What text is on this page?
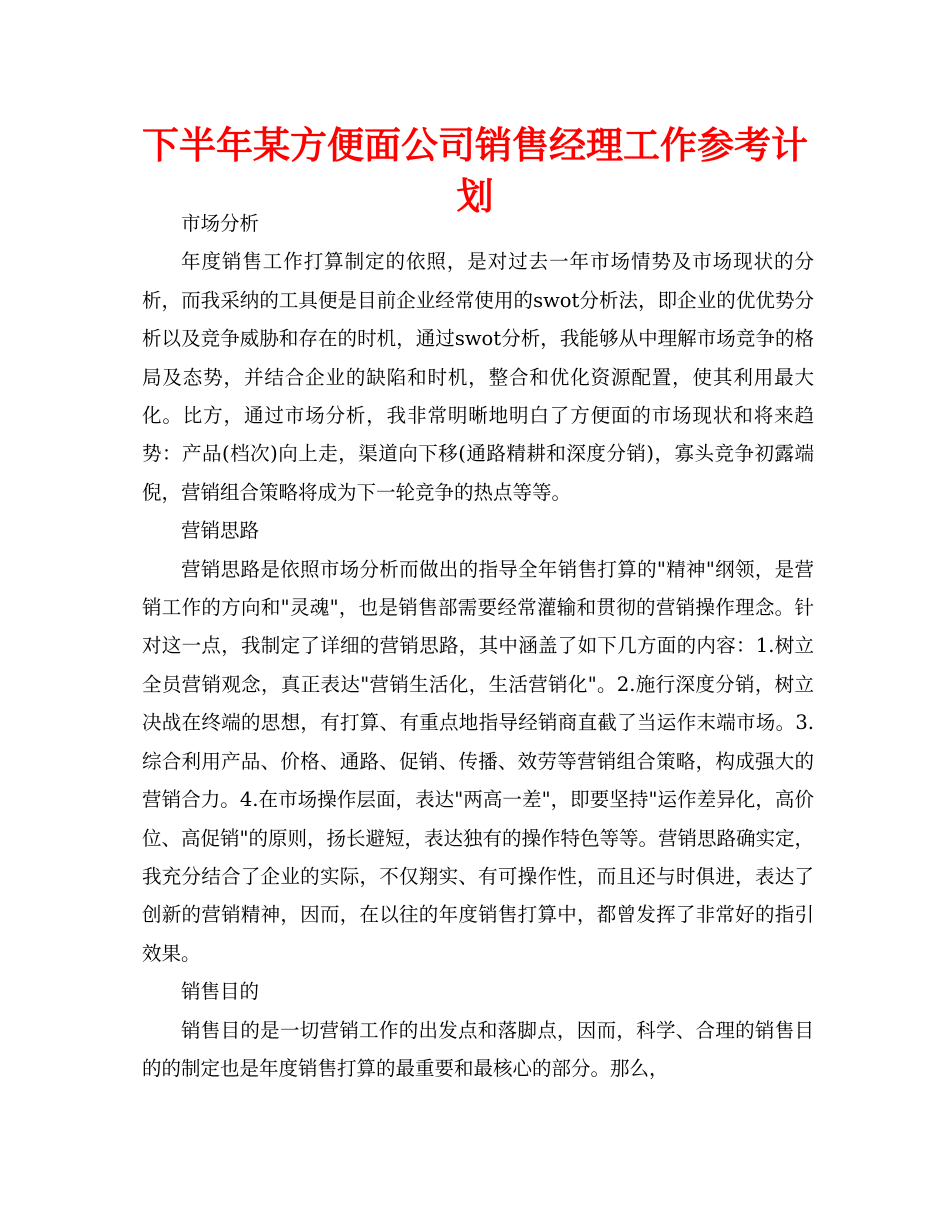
下半年某方便面公司销售经理工作参考计划

市场分析

年度销售工作打算制定的依照，是对过去一年市场情势及市场现状的分析，而我采纳的工具便是目前企业经常使用的swot分析法，即企业的优优势分析以及竞争威胁和存在的时机，通过swot分析，我能够从中理解市场竞争的格局及态势，并结合企业的缺陷和时机，整合和优化资源配置，使其利用最大化。比方，通过市场分析，我非常明晰地明白了方便面的市场现状和将来趋势：产品(档次)向上走，渠道向下移(通路精耕和深度分销)，寡头竞争初露端倪，营销组合策略将成为下一轮竞争的热点等等。

营销思路

营销思路是依照市场分析而做出的指导全年销售打算的"精神"纲领，是营销工作的方向和"灵魂"，也是销售部需要经常灌输和贯彻的营销操作理念。针对这一点，我制定了详细的营销思路，其中涵盖了如下几方面的内容：1.树立全员营销观念，真正表达"营销生活化，生活营销化"。2.施行深度分销，树立决战在终端的思想，有打算、有重点地指导经销商直截了当运作末端市场。3.综合利用产品、价格、通路、促销、传播、效劳等营销组合策略，构成强大的营销合力。4.在市场操作层面，表达"两高一差"，即要坚持"运作差异化，高价位、高促销"的原则，扬长避短，表达独有的操作特色等等。营销思路确实定，我充分结合了企业的实际，不仅翔实、有可操作性，而且还与时俱进，表达了创新的营销精神，因而，在以往的年度销售打算中，都曾发挥了非常好的指引效果。

销售目的

销售目的是一切营销工作的出发点和落脚点，因而，科学、合理的销售目的的制定也是年度销售打算的最重要和最核心的部分。那么，
